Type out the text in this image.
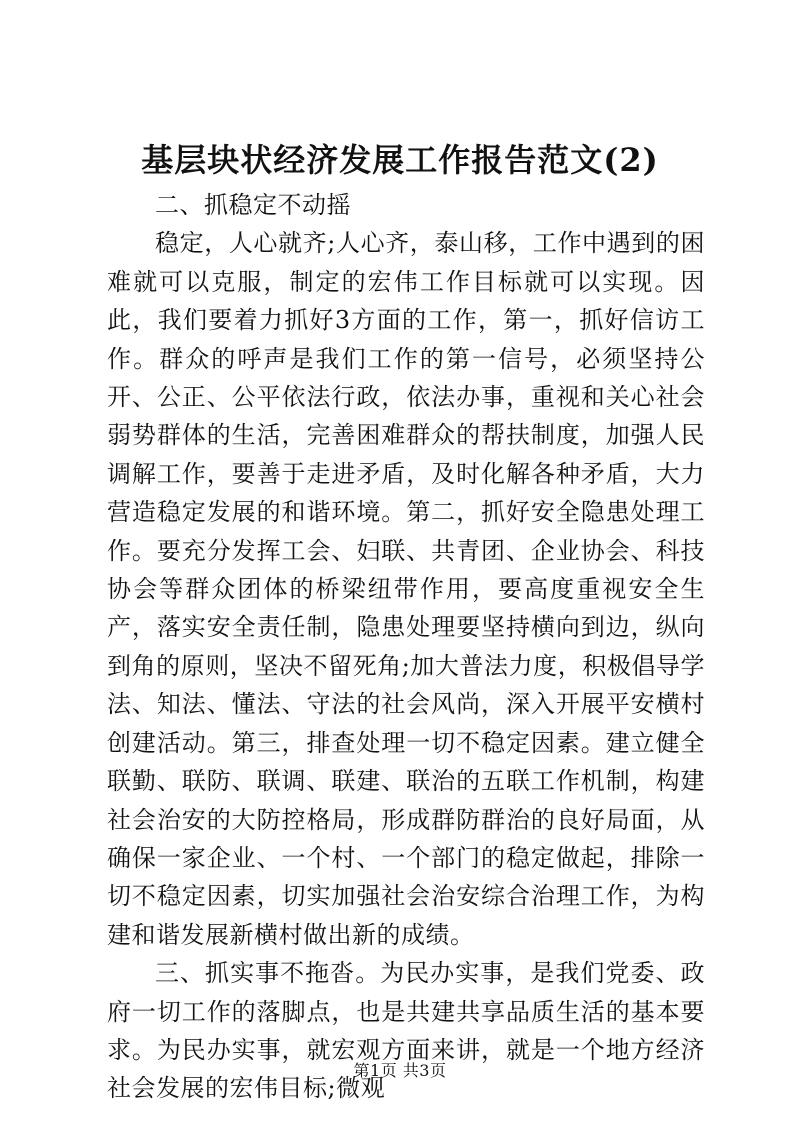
基层块状经济发展工作报告范文(2)

二、抓稳定不动摇

稳定，人心就齐;人心齐，泰山移，工作中遇到的困难就可以克服，制定的宏伟工作目标就可以实现。因此，我们要着力抓好3方面的工作，第一，抓好信访工作。群众的呼声是我们工作的第一信号，必须坚持公开、公正、公平依法行政，依法办事，重视和关心社会弱势群体的生活，完善困难群众的帮扶制度，加强人民调解工作，要善于走进矛盾，及时化解各种矛盾，大力营造稳定发展的和谐环境。第二，抓好安全隐患处理工作。要充分发挥工会、妇联、共青团、企业协会、科技协会等群众团体的桥梁纽带作用，要高度重视安全生产，落实安全责任制，隐患处理要坚持横向到边，纵向到角的原则，坚决不留死角;加大普法力度，积极倡导学法、知法、懂法、守法的社会风尚，深入开展平安横村创建活动。第三，排查处理一切不稳定因素。建立健全联勤、联防、联调、联建、联治的五联工作机制，构建社会治安的大防控格局，形成群防群治的良好局面，从确保一家企业、一个村、一个部门的稳定做起，排除一切不稳定因素，切实加强社会治安综合治理工作，为构建和谐发展新横村做出新的成绩。

三、抓实事不拖沓。为民办实事，是我们党委、政府一切工作的落脚点，也是共建共享品质生活的基本要求。为民办实事，就宏观方面来讲，就是一个地方经济社会发展的宏伟目标;微观

第1页 共3页
